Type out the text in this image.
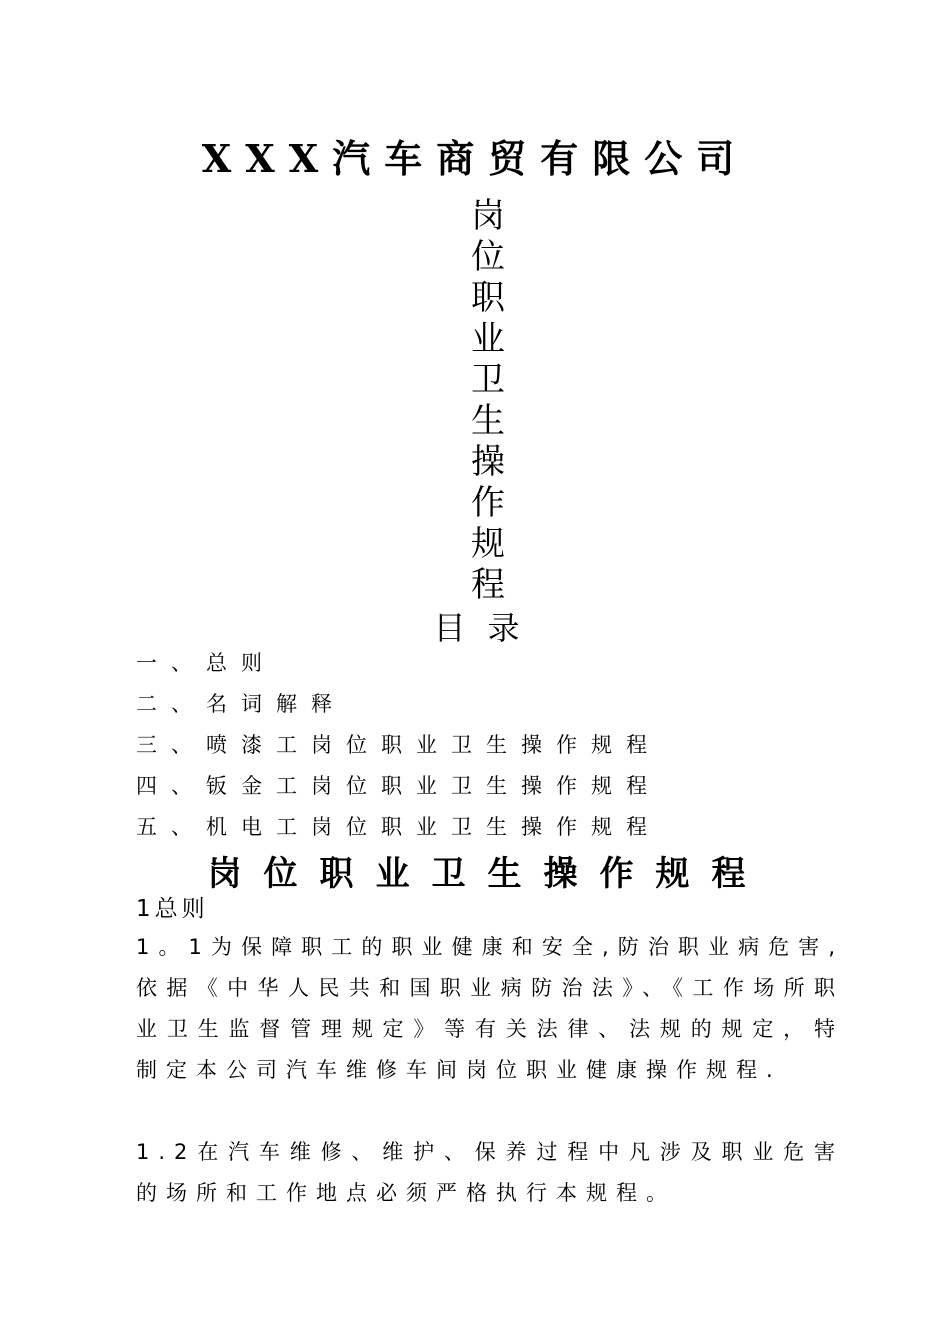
XXX汽车商贸有限公司
岗
位
职
业
卫
生
操
作
规
程
目录
一、总则
二、名词解释
三、喷漆工岗位职业卫生操作规程
四、钣金工岗位职业卫生操作规程
五、机电工岗位职业卫生操作规程
岗位职业卫生操作规程
1总则
1。1为保障职工的职业健康和安全,防治职业病危害,依据《中华人民共和国职业病防治法》、《工作场所职业卫生监督管理规定》等有关法律、法规的规定，特制定本公司汽车维修车间岗位职业健康操作规程.
1.2在汽车维修、维护、保养过程中凡涉及职业危害的场所和工作地点必须严格执行本规程。
